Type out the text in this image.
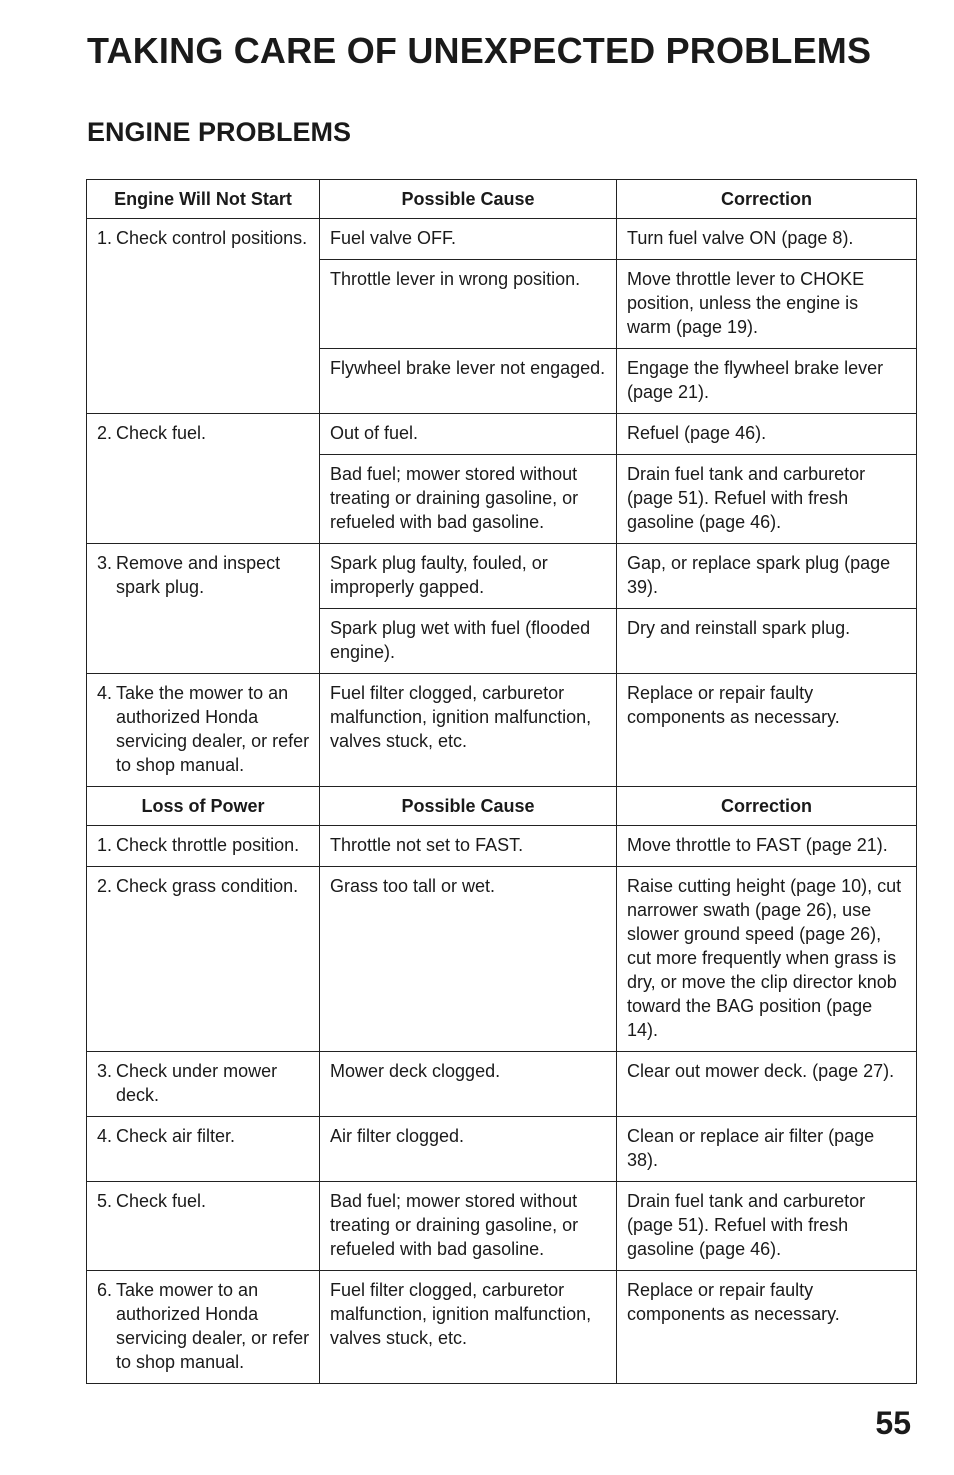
TAKING CARE OF UNEXPECTED PROBLEMS
ENGINE PROBLEMS
Engine Will Not Start	Possible Cause	Correction

1. Check control positions.	Fuel valve OFF.	Turn fuel valve ON (page 8).
	Throttle lever in wrong position.	Move throttle lever to CHOKE position, unless the engine is warm (page 19).
	Flywheel brake lever not engaged.	Engage the flywheel brake lever (page 21).

2. Check fuel.	Out of fuel.	Refuel (page 46).
	Bad fuel; mower stored without treating or draining gasoline, or refueled with bad gasoline.	Drain fuel tank and carburetor (page 51). Refuel with fresh gasoline (page 46).

3. Remove and inspect spark plug.	Spark plug faulty, fouled, or improperly gapped.	Gap, or replace spark plug (page 39).
	Spark plug wet with fuel (flooded engine).	Dry and reinstall spark plug.

4. Take the mower to an authorized Honda servicing dealer, or refer to shop manual.	Fuel filter clogged, carburetor malfunction, ignition malfunction, valves stuck, etc.	Replace or repair faulty components as necessary.
Loss of Power	Possible Cause	Correction

1. Check throttle position.	Throttle not set to FAST.	Move throttle to FAST (page 21).

2. Check grass condition.	Grass too tall or wet.	Raise cutting height (page 10), cut narrower swath (page 26), use slower ground speed (page 26), cut more frequently when grass is dry, or move the clip director knob toward the BAG position (page 14).

3. Check under mower deck.	Mower deck clogged.	Clear out mower deck. (page 27).

4. Check air filter.	Air filter clogged.	Clean or replace air filter (page 38).

5. Check fuel.	Bad fuel; mower stored without treating or draining gasoline, or refueled with bad gasoline.	Drain fuel tank and carburetor (page 51). Refuel with fresh gasoline (page 46).

6. Take mower to an authorized Honda servicing dealer, or refer to shop manual.	Fuel filter clogged, carburetor malfunction, ignition malfunction, valves stuck, etc.	Replace or repair faulty components as necessary.
55
